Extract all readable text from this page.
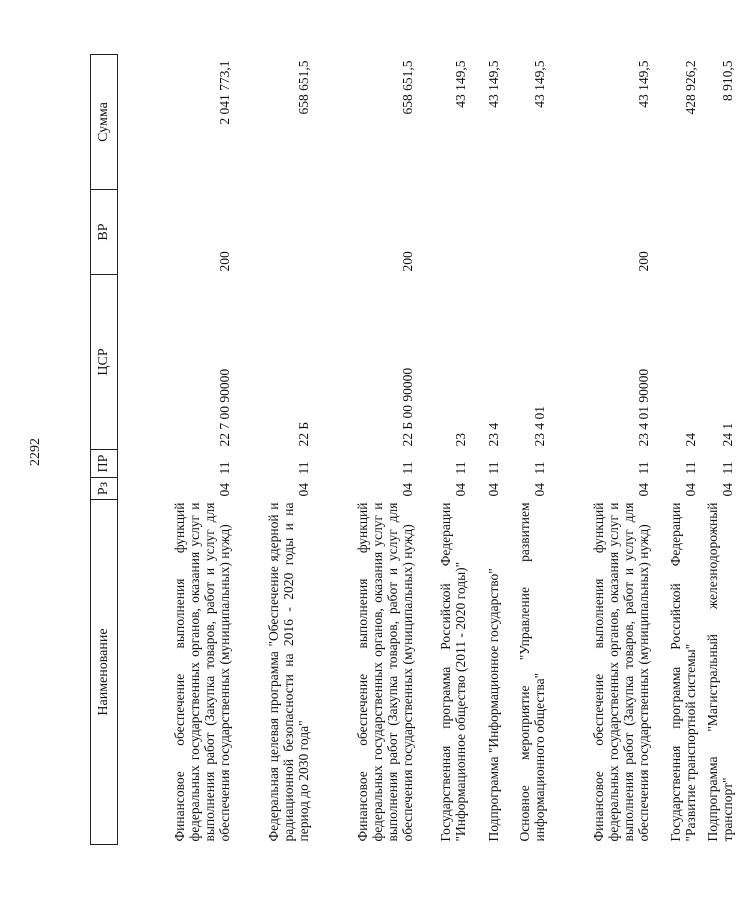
2292
Наименование	Рз	ПР	ЦСР	ВР	Сумма
Финансовое обеспечение выполнения функций федеральных государственных органов, оказания услуг и выполнения работ (Закупка товаров, работ и услуг для обеспечения государственных (муниципальных) нужд)	04	11	22 7 00 90000	200	2 041 773,1
Федеральная целевая программа "Обеспечение ядерной и радиационной безопасности на 2016 - 2020 годы и на период до 2030 года"	04	11	22 Б		658 651,5
Финансовое обеспечение выполнения функций федеральных государственных органов, оказания услуг и выполнения работ (Закупка товаров, работ и услуг для обеспечения государственных (муниципальных) нужд)	04	11	22 Б 00 90000	200	658 651,5
Государственная программа Российской Федерации "Информационное общество (2011 - 2020 годы)"	04	11	23		43 149,5
Подпрограмма "Информационное государство"	04	11	23 4		43 149,5
Основное мероприятие "Управление развитием информационного общества"	04	11	23 4 01		43 149,5
Финансовое обеспечение выполнения функций федеральных государственных органов, оказания услуг и выполнения работ (Закупка товаров, работ и услуг для обеспечения государственных (муниципальных) нужд)	04	11	23 4 01 90000	200	43 149,5
Государственная программа Российской Федерации "Развитие транспортной системы"	04	11	24		428 926,2
Подпрограмма "Магистральный железнодорожный транспорт"	04	11	24 1		8 910,5
